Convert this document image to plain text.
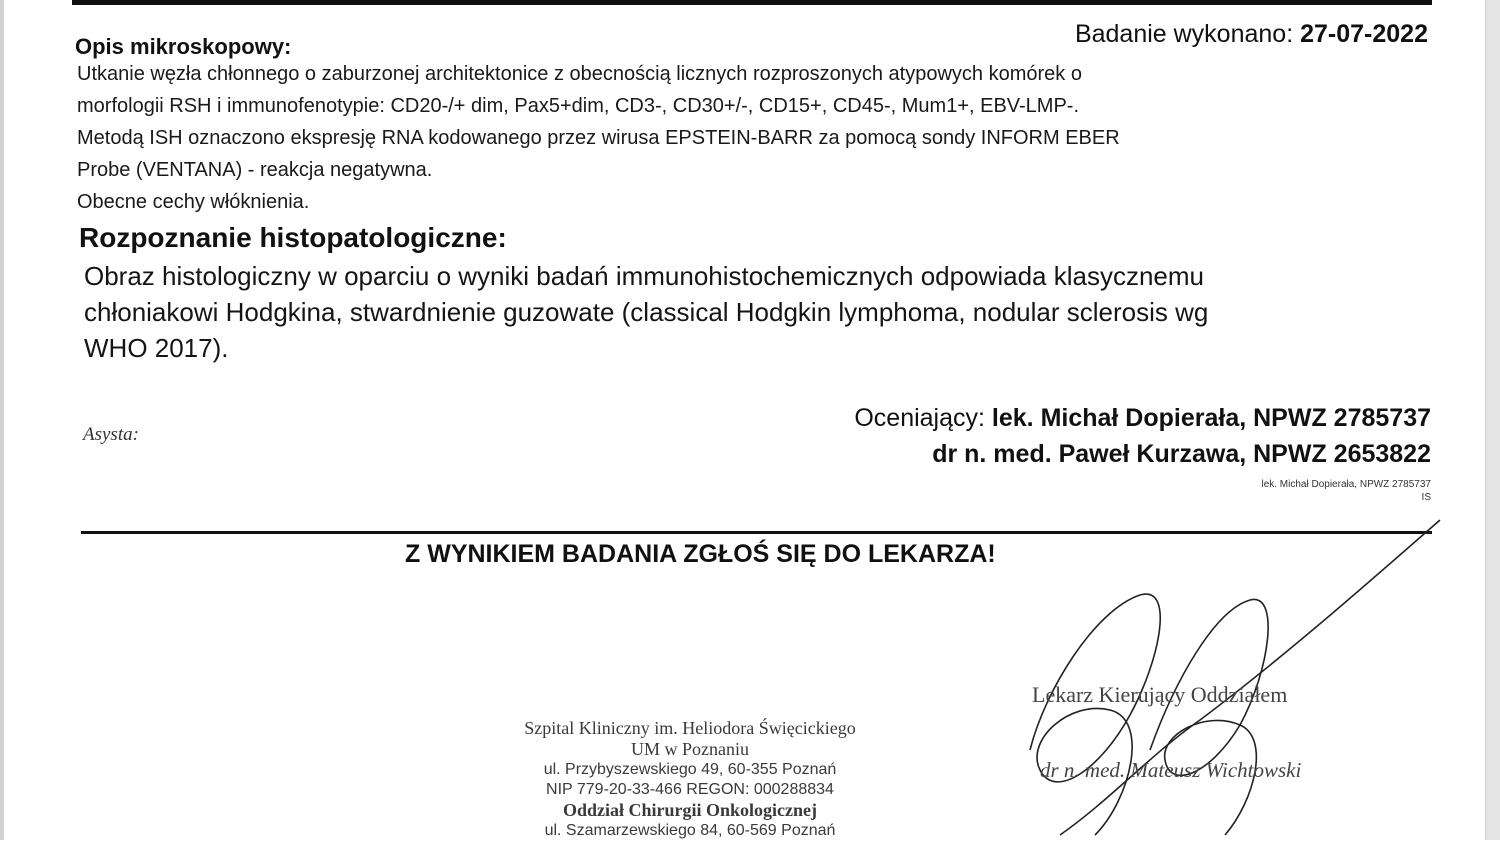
Opis mikroskopowy:	Badanie wykonano: 27-07-2022
Utkanie węzła chłonnego o zaburzonej architektonice z obecnością licznych rozproszonych atypowych komórek o
morfologii RSH i immunofenotypie: CD20-/+ dim, Pax5+dim, CD3-, CD30+/-, CD15+, CD45-, Mum1+, EBV-LMP-.
Metodą ISH oznaczono ekspresję RNA kodowanego przez wirusa EPSTEIN-BARR za pomocą sondy INFORM EBER
Probe (VENTANA) - reakcja negatywna.
Obecne cechy włóknienia.
Rozpoznanie histopatologiczne:
Obraz histologiczny w oparciu o wyniki badań immunohistochemicznych odpowiada klasycznemu
chłoniakowi Hodgkina, stwardnienie guzowate (classical Hodgkin lymphoma, nodular sclerosis wg
WHO 2017).
Asysta:
Oceniający: lek. Michał Dopierała, NPWZ 2785737
dr n. med. Paweł Kurzawa, NPWZ 2653822
lek. Michał Dopierała, NPWZ 2785737
IS
Z WYNIKIEM BADANIA ZGŁOŚ SIĘ DO LEKARZA!
Lekarz Kierujący Oddziałem
dr n. med. Mateusz Wichtowski
Szpital Kliniczny im. Heliodora Święcickiego
UM w Poznaniu
ul. Przybyszewskiego 49, 60-355 Poznań
NIP 779-20-33-466 REGON: 000288834
Oddział Chirurgii Onkologicznej
ul. Szamarzewskiego 84, 60-569 Poznań
